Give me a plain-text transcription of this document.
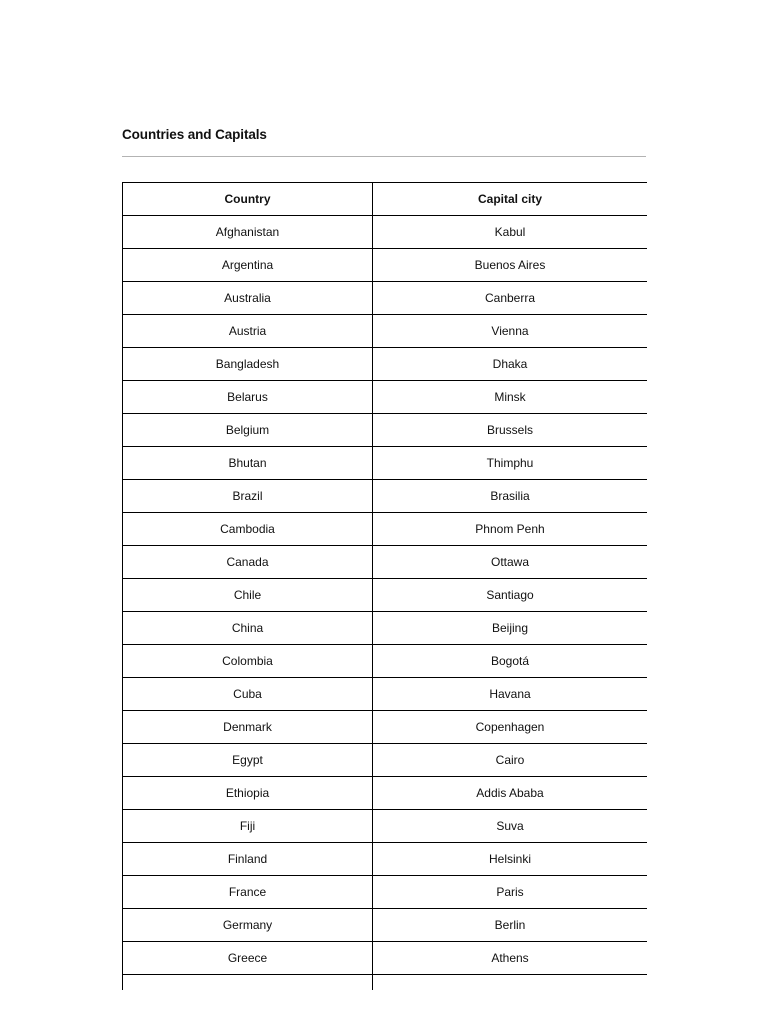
Countries and Capitals
Country	Capital city
Afghanistan	Kabul
Argentina	Buenos Aires
Australia	Canberra
Austria	Vienna
Bangladesh	Dhaka
Belarus	Minsk
Belgium	Brussels
Bhutan	Thimphu
Brazil	Brasilia
Cambodia	Phnom Penh
Canada	Ottawa
Chile	Santiago
China	Beijing
Colombia	Bogotá
Cuba	Havana
Denmark	Copenhagen
Egypt	Cairo
Ethiopia	Addis Ababa
Fiji	Suva
Finland	Helsinki
France	Paris
Germany	Berlin
Greece	Athens
